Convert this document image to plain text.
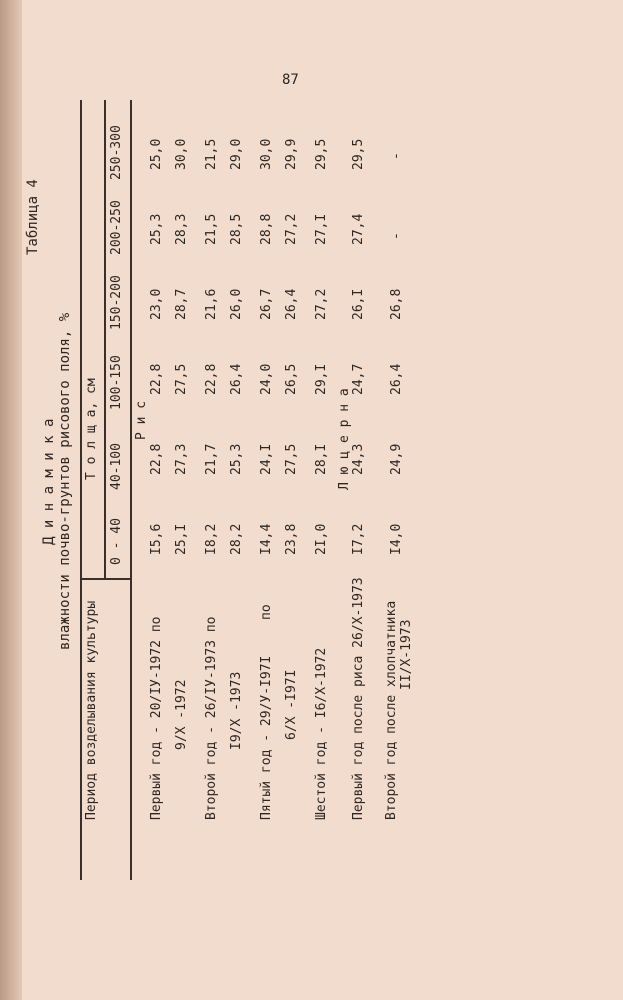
87
Таблица 4
Д и н а м и к а влажности почво-грунтов рисового поля, %
Период возделывания культуры
Т о л щ а, см
0 - 40
40-100
100-150
150-200
200-250
250-300
Р и с
Первый год - 20/IУ-1972 по 9/X -1972
I5,6
22,8
22,8
23,0
25,3
25,0
25,I
27,3
27,5
28,7
28,3
30,0
Второй год - 26/IУ-1973 по I9/X -1973
I8,2
21,7
22,8
21,6
21,5
21,5
28,2
25,3
26,4
26,0
28,5
29,0
Пятый год - 29/У-I97I
по
6/X -I97I
I4,4
24,I
24,0
26,7
28,8
30,0
23,8
27,5
26,5
26,4
27,2
29,9
Шестой год - I6/X-1972
2I,0
28,I
29,I
27,2
27,I
29,5
Л ю ц е р н а
Первый год после риса 26/X-1973
I7,2
24,3
24,7
26,I
27,4
29,5
Второй год после хлопчатника II/X-1973
I4,0
24,9
26,4
26,8
-
-
